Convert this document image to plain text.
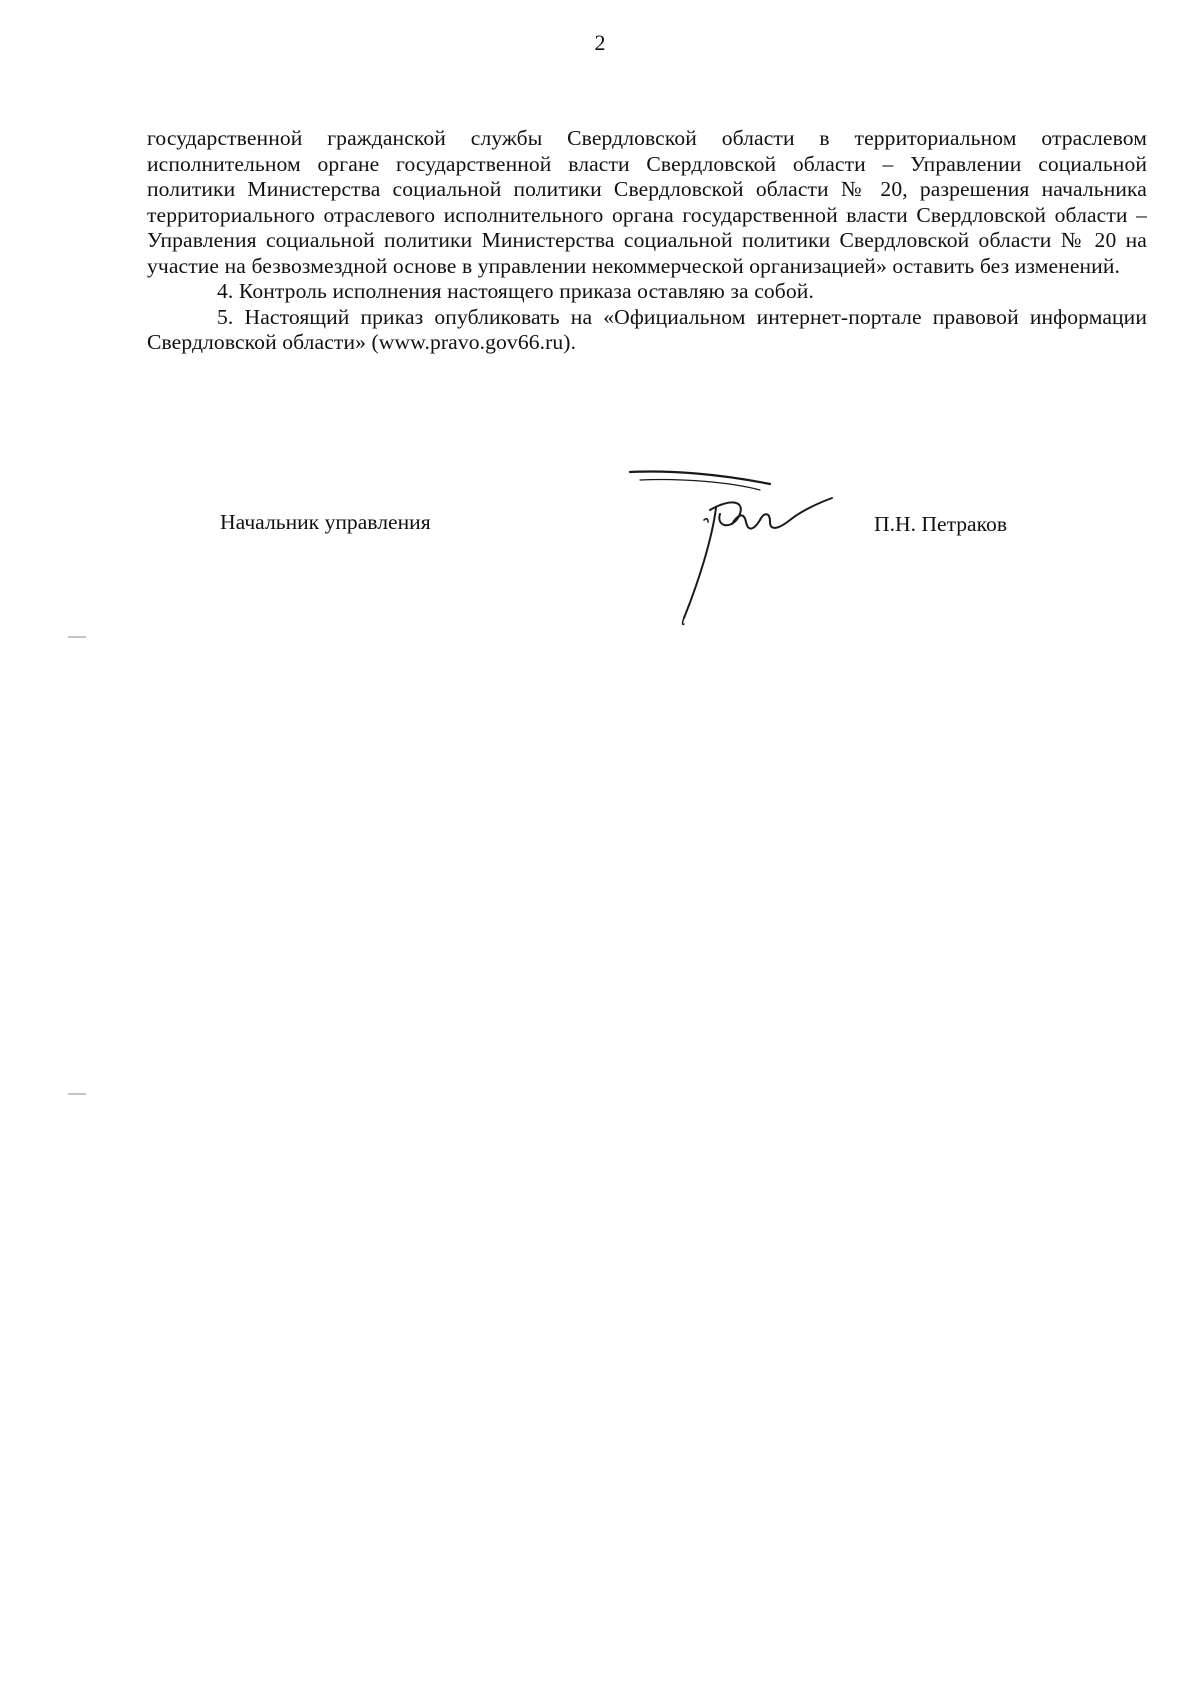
2

государственной гражданской службы Свердловской области в территориальном отраслевом исполнительном органе государственной власти Свердловской области – Управлении социальной политики Министерства социальной политики Свердловской области № 20, разрешения начальника территориального отраслевого исполнительного органа государственной власти Свердловской области – Управления социальной политики Министерства социальной политики Свердловской области № 20 на участие на безвозмездной основе в управлении некоммерческой организацией» оставить без изменений.

4. Контроль исполнения настоящего приказа оставляю за собой.

5. Настоящий приказ опубликовать на «Официальном интернет-портале правовой информации Свердловской области» (www.pravo.gov66.ru).

Начальник управления	П.Н. Петраков
